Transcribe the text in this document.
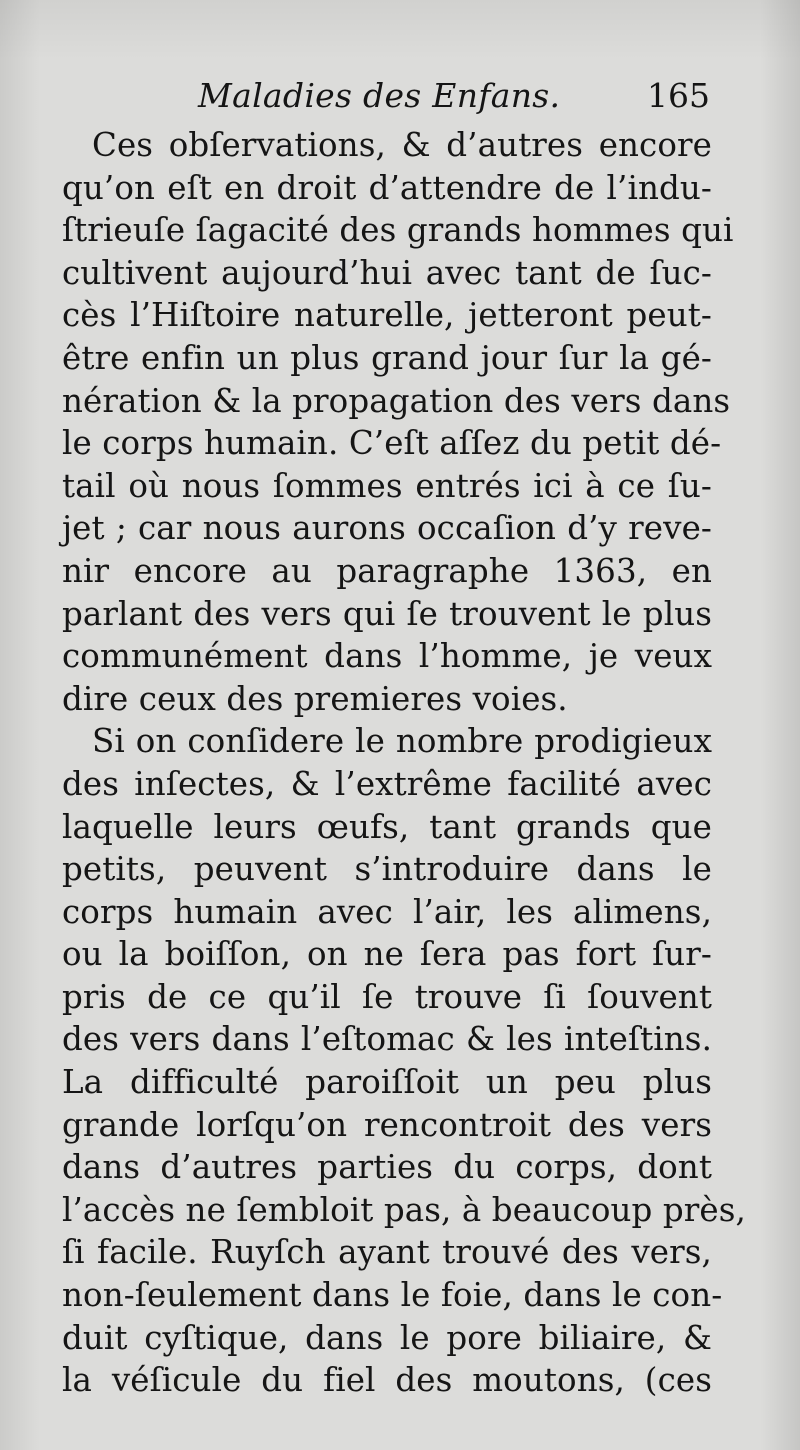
Maladies des Enfans.	165
Ces obſervations, & d’autres encore
qu’on eſt en droit d’attendre de l’indu-
ſtrieuſe ſagacité des grands hommes qui
cultivent aujourd’hui avec tant de ſuc-
cès l’Hiſtoire naturelle, jetteront peut-
être enfin un plus grand jour ſur la gé-
nération & la propagation des vers dans
le corps humain. C’eſt aſſez du petit dé-
tail où nous ſommes entrés ici à ce ſu-
jet ; car nous aurons occaſion d’y reve-
nir encore au paragraphe 1363, en
parlant des vers qui ſe trouvent le plus
communément dans l’homme, je veux
dire ceux des premieres voies.
Si on conſidere le nombre prodigieux
des inſectes, & l’extrême facilité avec
laquelle leurs œufs, tant grands que
petits, peuvent s’introduire dans le
corps humain avec l’air, les alimens,
ou la boiſſon, on ne ſera pas fort ſur-
pris de ce qu’il ſe trouve ſi ſouvent
des vers dans l’eſtomac & les inteſtins.
La difficulté paroiſſoit un peu plus
grande lorſqu’on rencontroit des vers
dans d’autres parties du corps, dont
l’accès ne ſembloit pas, à beaucoup près,
ſi facile. Ruyſch ayant trouvé des vers,
non-ſeulement dans le foie, dans le con-
duit cyſtique, dans le pore biliaire, &
la véſicule du fiel des moutons, (ces
